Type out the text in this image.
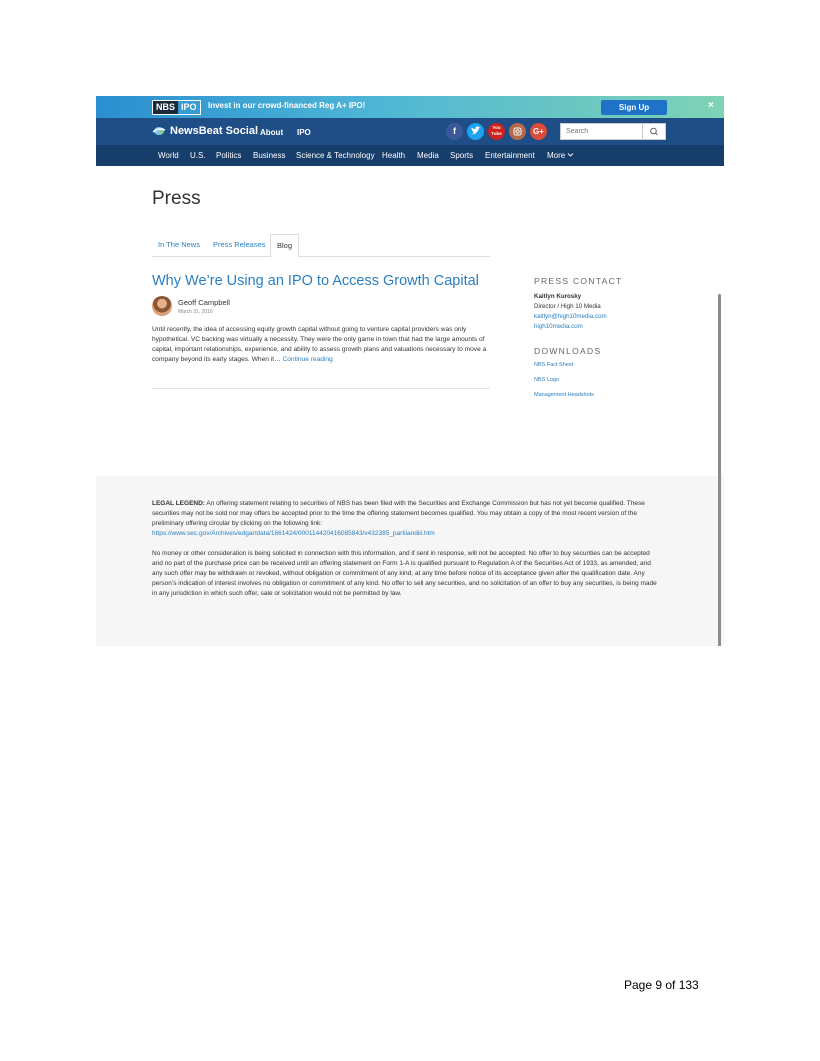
NBS IPO	Invest in our crowd-financed Reg A+ IPO!	Sign Up	×
NewsBeat Social About IPO	f	You Tube	G+
Search
World U.S. Politics Business Science & Technology Health Media Sports Entertainment More
Press
In The News Press Releases	Blog
Why We’re Using an IPO to Access Growth Capital
Geoff Campbell
March 31, 2016
Until recently, the idea of accessing equity growth capital without going to venture capital providers was only hypothetical. VC backing was virtually a necessity. They were the only game in town that had the large amounts of capital, important relationships, experience, and ability to assess growth plans and valuations necessary to move a company beyond its early stages. When it… Continue reading
PRESS CONTACT
Kaitlyn Kurosky
Director / High 10 Media
kaitlyn@high10media.com
high10media.com
DOWNLOADS
NBS Fact Sheet
NBS Logo
Management Headshots

LEGAL LEGEND: An offering statement relating to securities of NBS has been filed with the Securities and Exchange Commission but has not yet become qualified. These securities may not be sold nor may offers be accepted prior to the time the offering statement becomes qualified. You may obtain a copy of the most recent version of the preliminary offering circular by clicking on the following link:
https://www.sec.gov/Archives/edgar/data/1661424/000114420416085843/v432385_partiiandiii.htm

No money or other consideration is being solicited in connection with this information, and if sent in response, will not be accepted. No offer to buy securities can be accepted and no part of the purchase price can be received until an offering statement on Form 1-A is qualified pursuant to Regulation A of the Securities Act of 1933, as amended, and any such offer may be withdrawn or revoked, without obligation or commitment of any kind, at any time before notice of its acceptance given after the qualification date. Any person’s indication of interest involves no obligation or commitment of any kind. No offer to sell any securities, and no solicitation of an offer to buy any securities, is being made in any jurisdiction in which such offer, sale or solicitation would not be permitted by law.

Page 9 of 133
